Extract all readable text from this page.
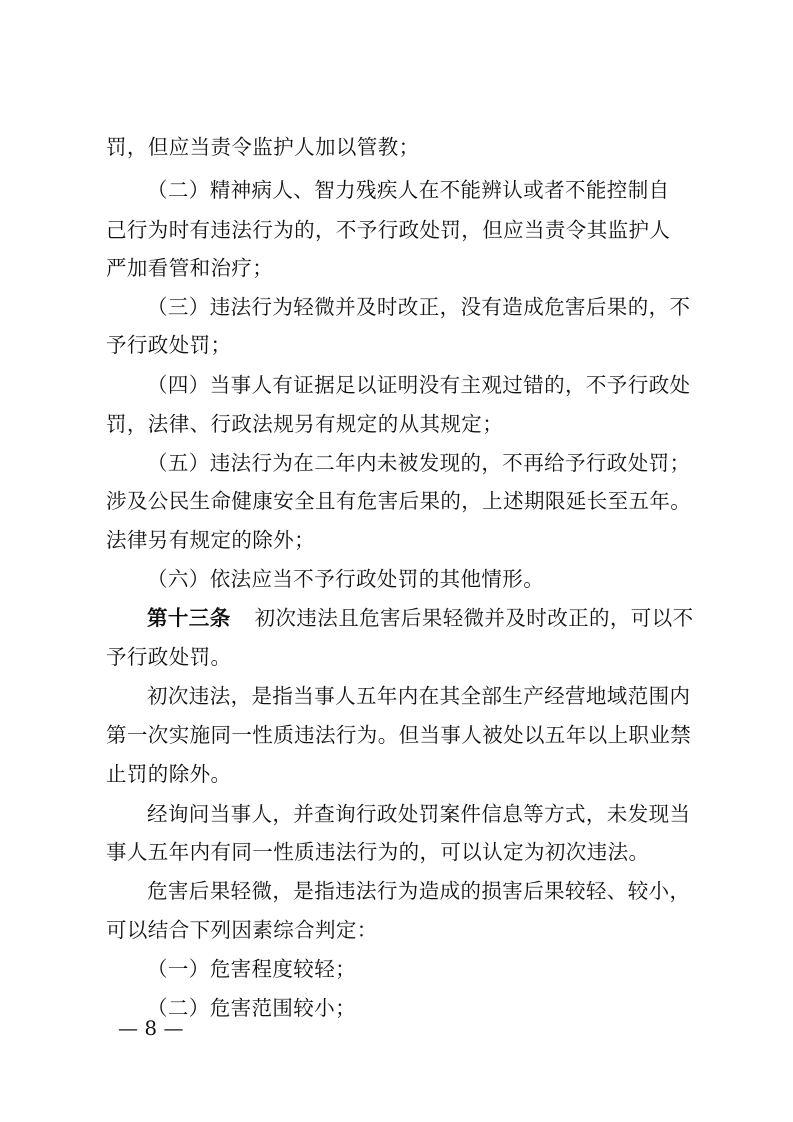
罚，但应当责令监护人加以管教；
（二）精神病人、智力残疾人在不能辨认或者不能控制自
己行为时有违法行为的，不予行政处罚，但应当责令其监护人
严加看管和治疗；
（三）违法行为轻微并及时改正，没有造成危害后果的，不
予行政处罚；
（四）当事人有证据足以证明没有主观过错的，不予行政处
罚，法律、行政法规另有规定的从其规定；
（五）违法行为在二年内未被发现的，不再给予行政处罚；
涉及公民生命健康安全且有危害后果的，上述期限延长至五年。
法律另有规定的除外；
（六）依法应当不予行政处罚的其他情形。
第十三条 初次违法且危害后果轻微并及时改正的，可以不
予行政处罚。
初次违法，是指当事人五年内在其全部生产经营地域范围内
第一次实施同一性质违法行为。但当事人被处以五年以上职业禁
止罚的除外。
经询问当事人，并查询行政处罚案件信息等方式，未发现当
事人五年内有同一性质违法行为的，可以认定为初次违法。
危害后果轻微，是指违法行为造成的损害后果较轻、较小，
可以结合下列因素综合判定：
（一）危害程度较轻；
（二）危害范围较小；
— 8 —
